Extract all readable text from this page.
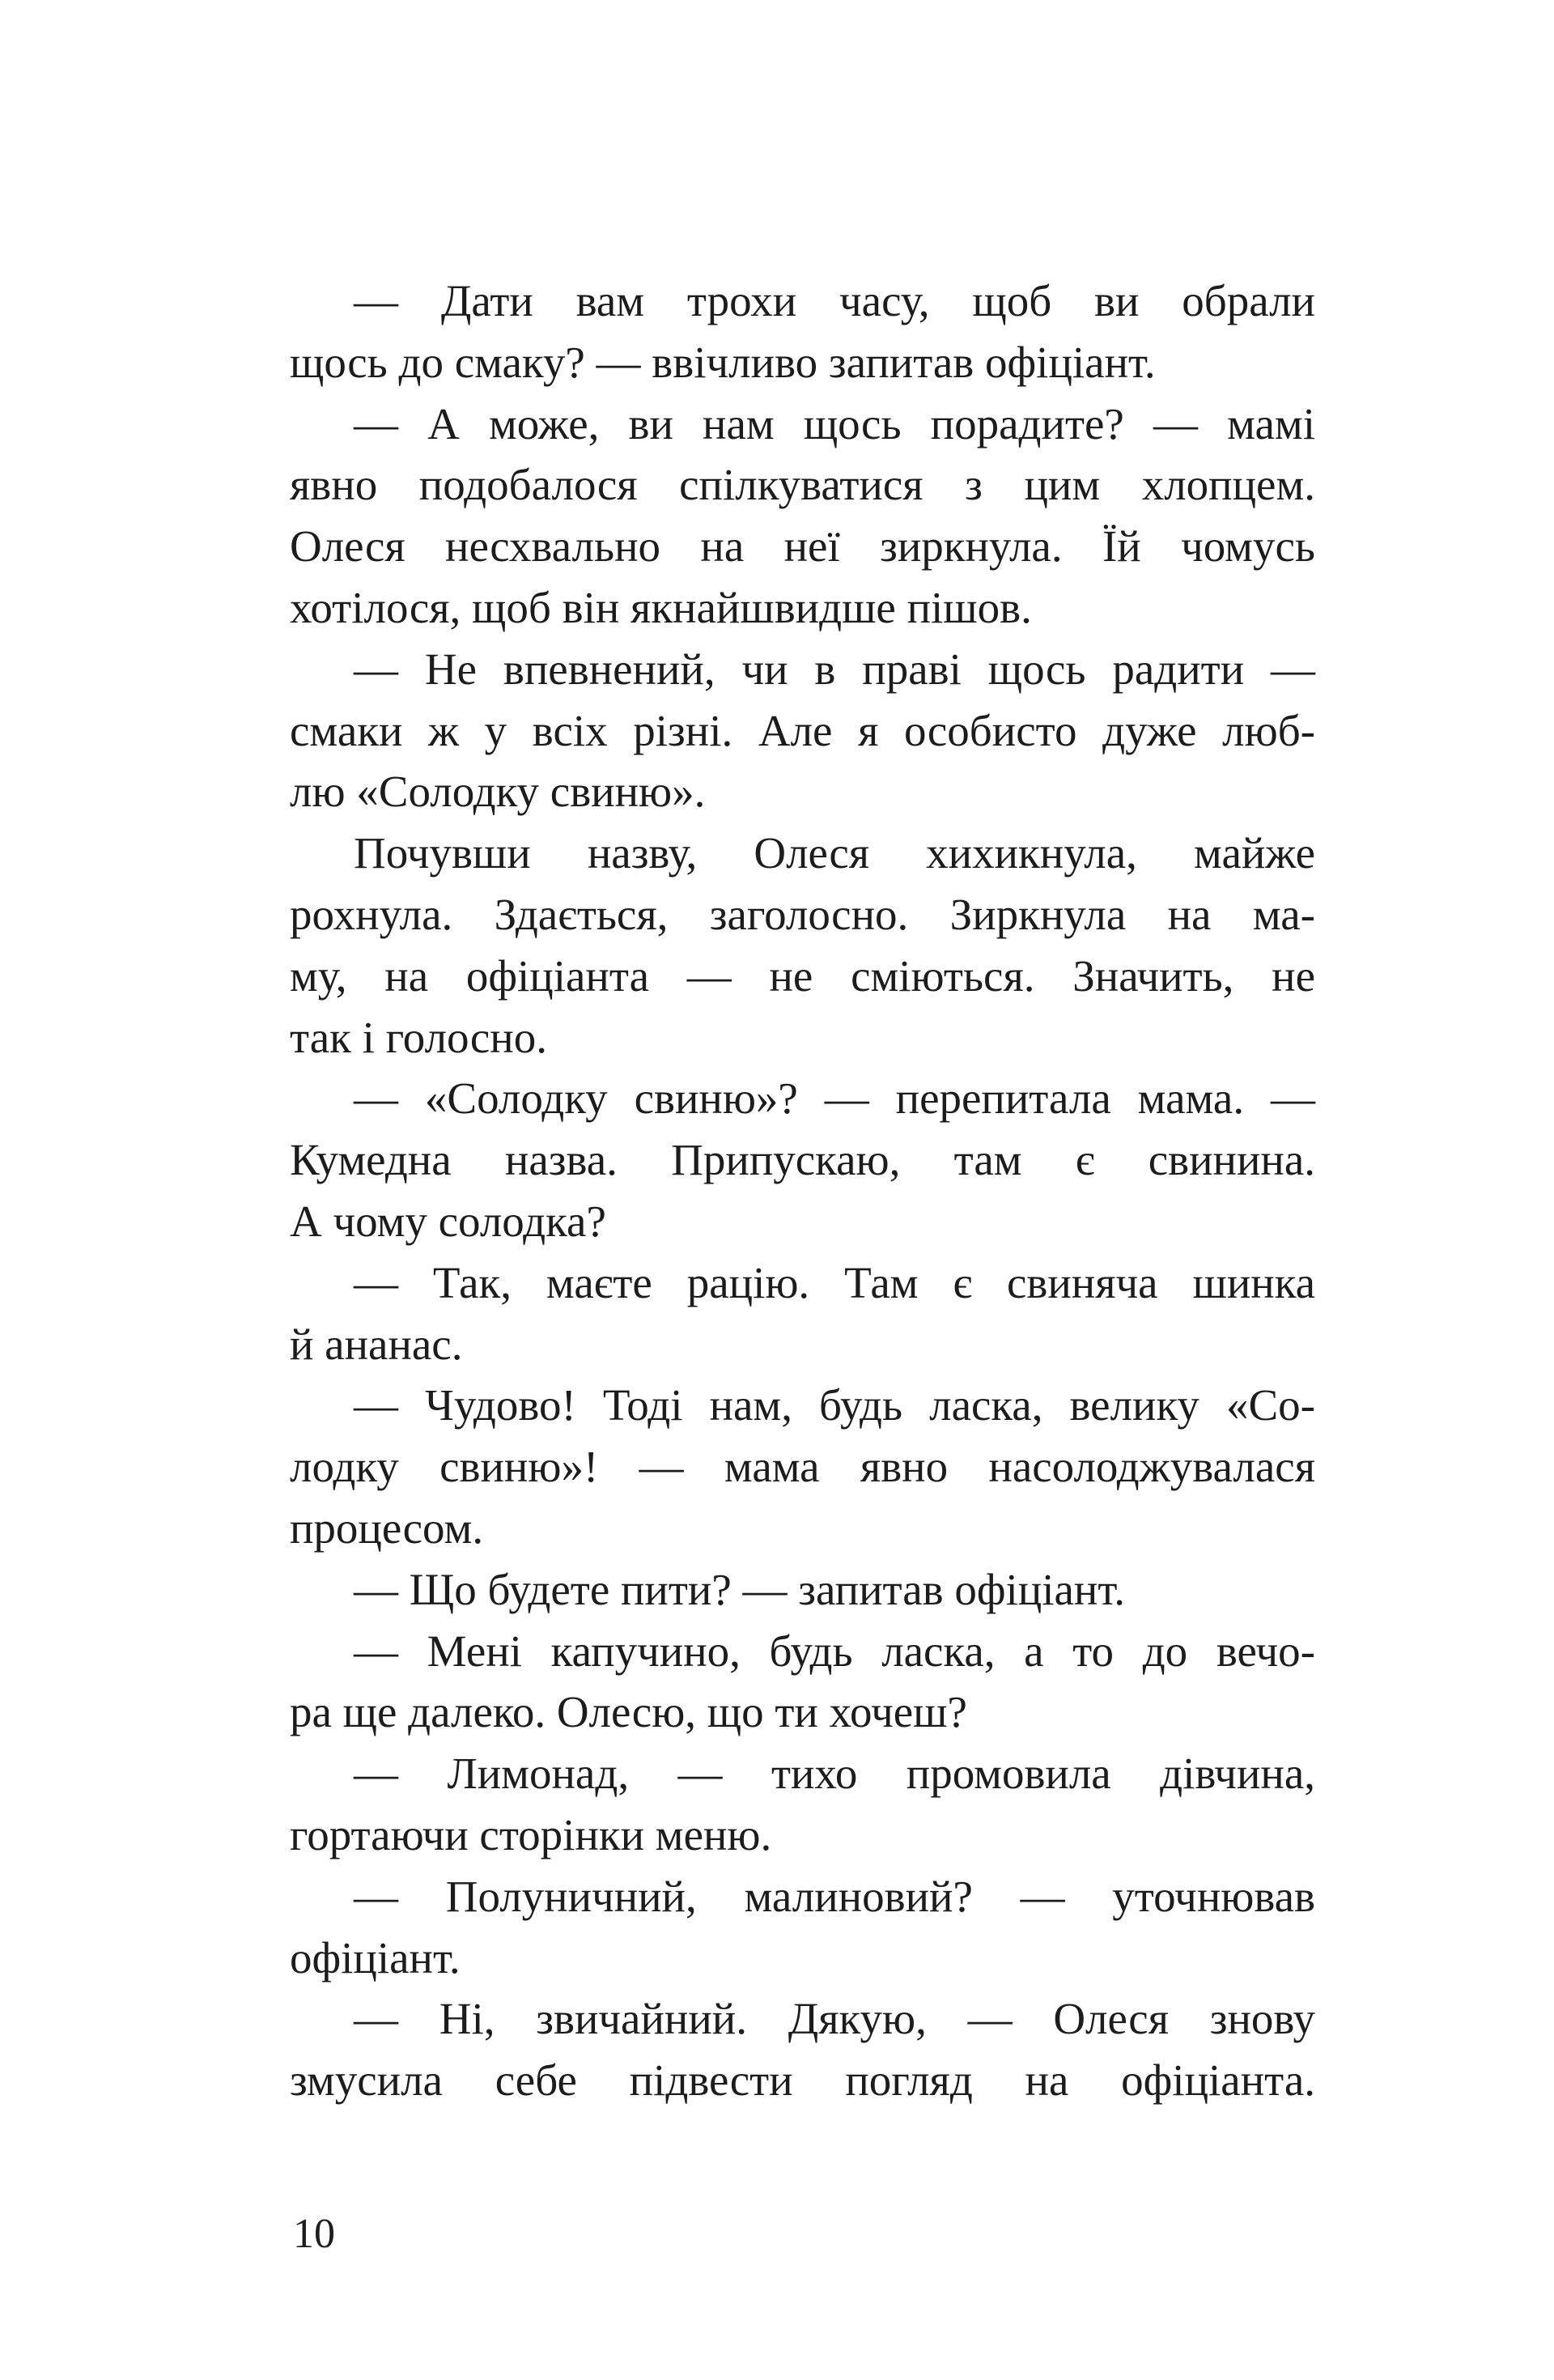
— Дати вам трохи часу, щоб ви обрали
щось до смаку? — ввічливо запитав офіціант.
— А може, ви нам щось порадите? — мамі
явно подобалося спілкуватися з цим хлопцем.
Олеся несхвально на неї зиркнула. Їй чомусь
хотілося, щоб він якнайшвидше пішов.
— Не впевнений, чи в праві щось радити —
смаки ж у всіх різні. Але я особисто дуже люб-
лю «Солодку свиню».
Почувши назву, Олеся хихикнула, майже
рохнула. Здається, заголосно. Зиркнула на ма-
му, на офіціанта — не сміються. Значить, не
так і голосно.
— «Солодку свиню»? — перепитала мама. —
Кумедна назва. Припускаю, там є свинина.
А чому солодка?
— Так, маєте рацію. Там є свиняча шинка
й ананас.
— Чудово! Тоді нам, будь ласка, велику «Со-
лодку свиню»! — мама явно насолоджувалася
процесом.
— Що будете пити? — запитав офіціант.
— Мені капучино, будь ласка, а то до вечо-
ра ще далеко. Олесю, що ти хочеш?
— Лимонад, — тихо промовила дівчина,
гортаючи сторінки меню.
— Полуничний, малиновий? — уточнював
офіціант.
— Ні, звичайний. Дякую, — Олеся знову
змусила себе підвести погляд на офіціанта.
10
